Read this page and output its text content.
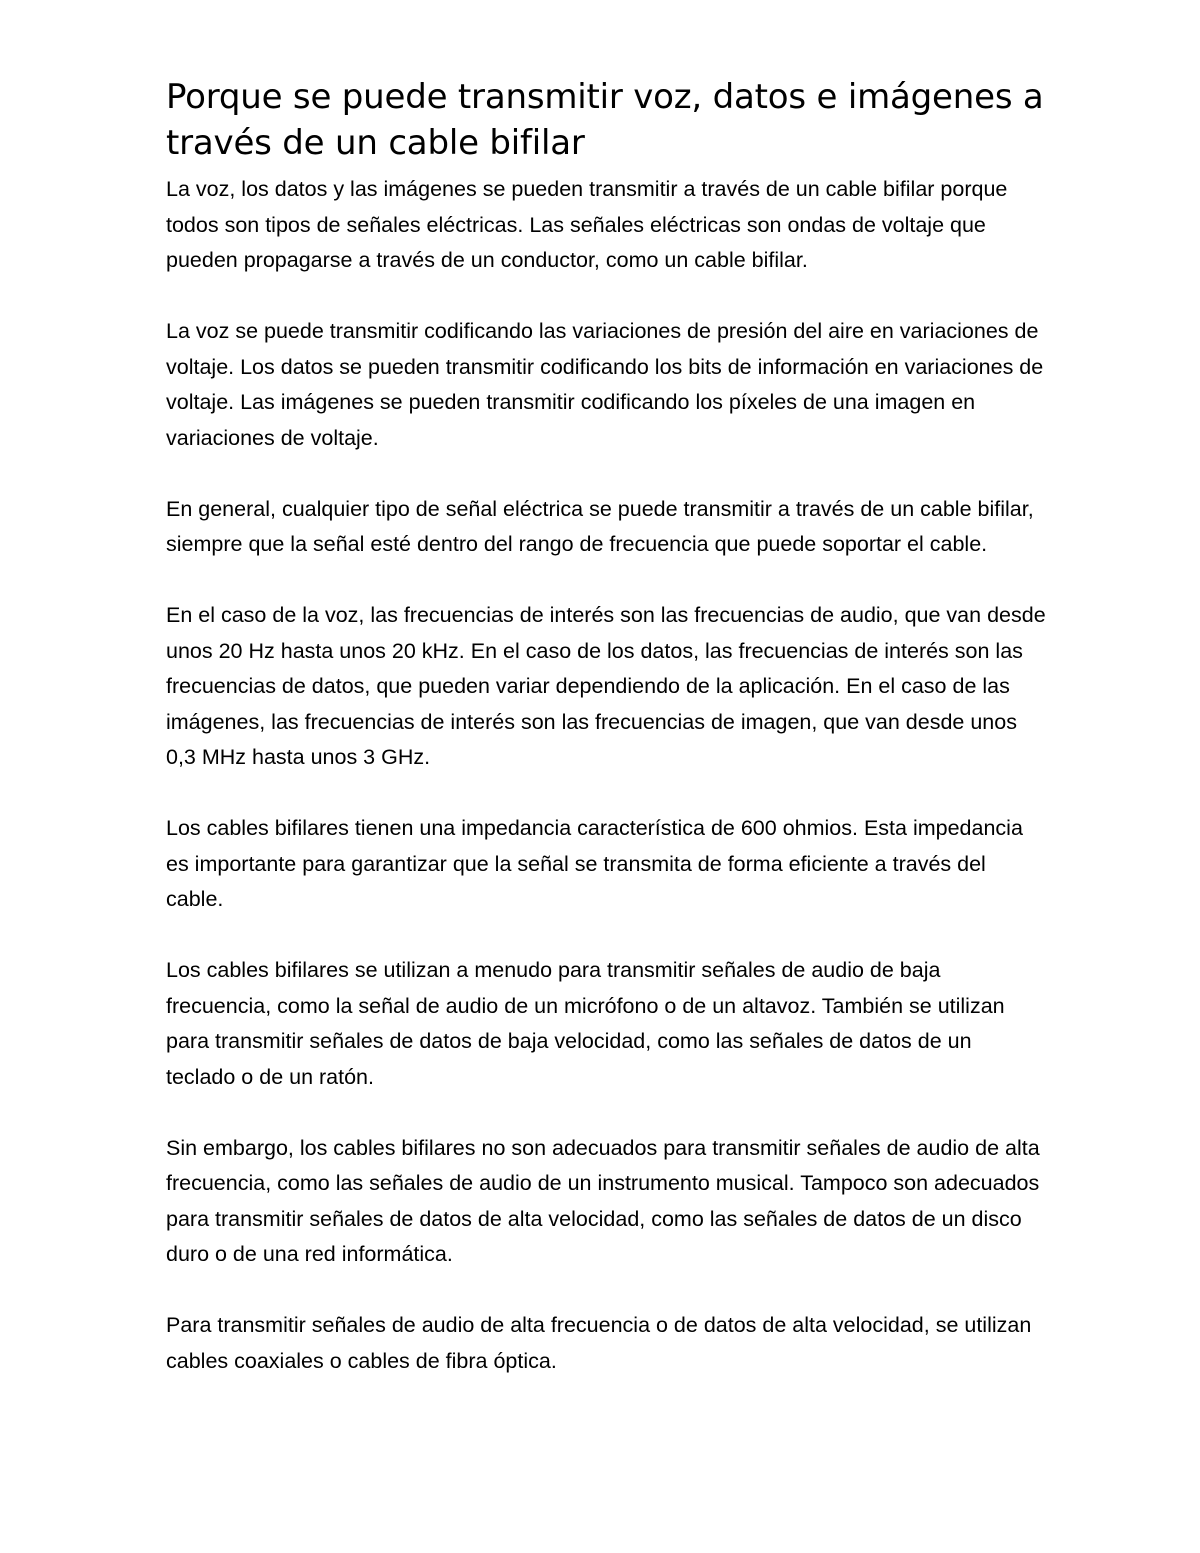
Porque se puede transmitir voz, datos e imágenes a través de un cable bifilar

La voz, los datos y las imágenes se pueden transmitir a través de un cable bifilar porque todos son tipos de señales eléctricas. Las señales eléctricas son ondas de voltaje que pueden propagarse a través de un conductor, como un cable bifilar.

La voz se puede transmitir codificando las variaciones de presión del aire en variaciones de voltaje. Los datos se pueden transmitir codificando los bits de información en variaciones de voltaje. Las imágenes se pueden transmitir codificando los píxeles de una imagen en variaciones de voltaje.

En general, cualquier tipo de señal eléctrica se puede transmitir a través de un cable bifilar, siempre que la señal esté dentro del rango de frecuencia que puede soportar el cable.

En el caso de la voz, las frecuencias de interés son las frecuencias de audio, que van desde unos 20 Hz hasta unos 20 kHz. En el caso de los datos, las frecuencias de interés son las frecuencias de datos, que pueden variar dependiendo de la aplicación. En el caso de las imágenes, las frecuencias de interés son las frecuencias de imagen, que van desde unos 0,3 MHz hasta unos 3 GHz.

Los cables bifilares tienen una impedancia característica de 600 ohmios. Esta impedancia es importante para garantizar que la señal se transmita de forma eficiente a través del cable.

Los cables bifilares se utilizan a menudo para transmitir señales de audio de baja frecuencia, como la señal de audio de un micrófono o de un altavoz. También se utilizan para transmitir señales de datos de baja velocidad, como las señales de datos de un teclado o de un ratón.

Sin embargo, los cables bifilares no son adecuados para transmitir señales de audio de alta frecuencia, como las señales de audio de un instrumento musical. Tampoco son adecuados para transmitir señales de datos de alta velocidad, como las señales de datos de un disco duro o de una red informática.

Para transmitir señales de audio de alta frecuencia o de datos de alta velocidad, se utilizan cables coaxiales o cables de fibra óptica.
